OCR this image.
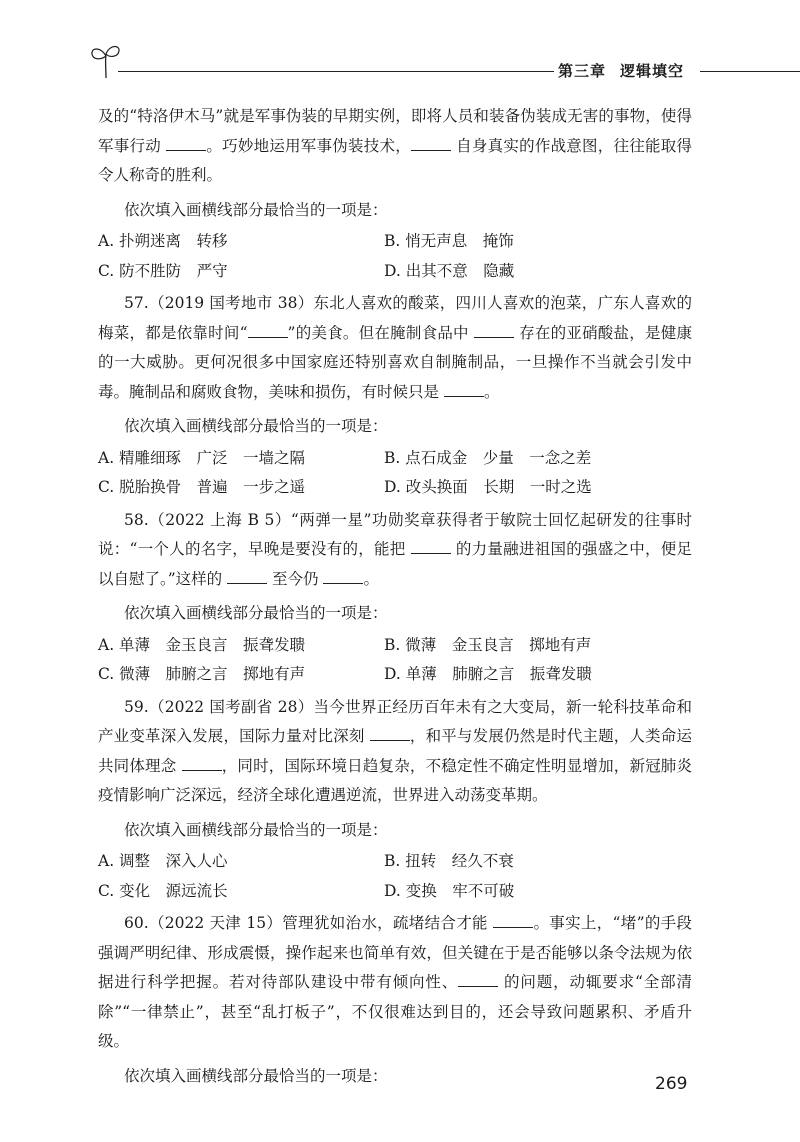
第三章 逻辑填空

及的“特洛伊木马”就是军事伪装的早期实例，即将人员和装备伪装成无害的事物，使得军事行动	。巧妙地运用军事伪装技术，	自身真实的作战意图，往往能取得令人称奇的胜利。

依次填入画横线部分最恰当的一项是：

A. 扑朔迷离　转移	B. 悄无声息　掩饰
C. 防不胜防　严守	D. 出其不意　隐藏

57.（2019 国考地市 38）东北人喜欢的酸菜，四川人喜欢的泡菜，广东人喜欢的梅菜，都是依靠时间“	”的美食。但在腌制食品中	存在的亚硝酸盐，是健康的一大威胁。更何况很多中国家庭还特别喜欢自制腌制品，一旦操作不当就会引发中毒。腌制品和腐败食物，美味和损伤，有时候只是	。

依次填入画横线部分最恰当的一项是：

A. 精雕细琢　广泛　一墙之隔	B. 点石成金　少量　一念之差
C. 脱胎换骨　普遍　一步之遥	D. 改头换面　长期　一时之选

58.（2022 上海 B 5）“两弹一星”功勋奖章获得者于敏院士回忆起研发的往事时说：“一个人的名字，早晚是要没有的，能把	的力量融进祖国的强盛之中，便足以自慰了。”这样的	至今仍	。

依次填入画横线部分最恰当的一项是：

A. 单薄　金玉良言　振聋发聩	B. 微薄　金玉良言　掷地有声
C. 微薄　肺腑之言　掷地有声	D. 单薄　肺腑之言　振聋发聩

59.（2022 国考副省 28）当今世界正经历百年未有之大变局，新一轮科技革命和产业变革深入发展，国际力量对比深刻	，和平与发展仍然是时代主题，人类命运共同体理念	，同时，国际环境日趋复杂，不稳定性不确定性明显增加，新冠肺炎疫情影响广泛深远，经济全球化遭遇逆流，世界进入动荡变革期。

依次填入画横线部分最恰当的一项是：

A. 调整　深入人心	B. 扭转　经久不衰
C. 变化　源远流长	D. 变换　牢不可破

60.（2022 天津 15）管理犹如治水，疏堵结合才能	。事实上，“堵”的手段强调严明纪律、形成震慑，操作起来也简单有效，但关键在于是否能够以条令法规为依据进行科学把握。若对待部队建设中带有倾向性、	的问题，动辄要求“全部清除”“一律禁止”，甚至“乱打板子”，不仅很难达到目的，还会导致问题累积、矛盾升级。

依次填入画横线部分最恰当的一项是：	269
